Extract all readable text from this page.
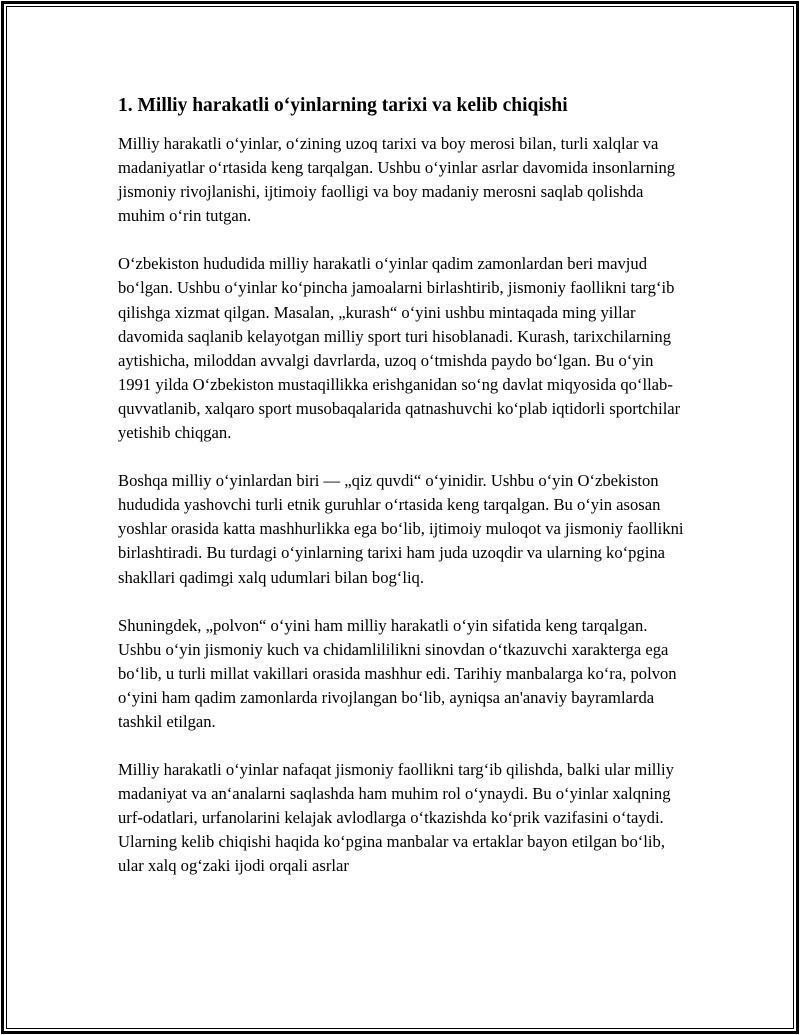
1. Milliy harakatli o‘yinlarning tarixi va kelib chiqishi

Milliy harakatli o‘yinlar, o‘zining uzoq tarixi va boy merosi bilan, turli xalqlar va madaniyatlar o‘rtasida keng tarqalgan. Ushbu o‘yinlar asrlar davomida insonlarning jismoniy rivojlanishi, ijtimoiy faolligi va boy madaniy merosni saqlab qolishda muhim o‘rin tutgan.

O‘zbekiston hududida milliy harakatli o‘yinlar qadim zamonlardan beri mavjud bo‘lgan. Ushbu o‘yinlar ko‘pincha jamoalarni birlashtirib, jismoniy faollikni targ‘ib qilishga xizmat qilgan. Masalan, „kurash“ o‘yini ushbu mintaqada ming yillar davomida saqlanib kelayotgan milliy sport turi hisoblanadi. Kurash, tarixchilarning aytishicha, miloddan avvalgi davrlarda, uzoq o‘tmishda paydo bo‘lgan. Bu o‘yin 1991 yilda O‘zbekiston mustaqillikka erishganidan so‘ng davlat miqyosida qo‘llab-quvvatlanib, xalqaro sport musobaqalarida qatnashuvchi ko‘plab iqtidorli sportchilar yetishib chiqgan.

Boshqa milliy o‘yinlardan biri — „qiz quvdi“ o‘yinidir. Ushbu o‘yin O‘zbekiston hududida yashovchi turli etnik guruhlar o‘rtasida keng tarqalgan. Bu o‘yin asosan yoshlar orasida katta mashhurlikka ega bo‘lib, ijtimoiy muloqot va jismoniy faollikni birlashtiradi. Bu turdagi o‘yinlarning tarixi ham juda uzoqdir va ularning ko‘pgina shakllari qadimgi xalq udumlari bilan bog‘liq.

Shuningdek, „polvon“ o‘yini ham milliy harakatli o‘yin sifatida keng tarqalgan. Ushbu o‘yin jismoniy kuch va chidamlililikni sinovdan o‘tkazuvchi xarakterga ega bo‘lib, u turli millat vakillari orasida mashhur edi. Tarihiy manbalarga ko‘ra, polvon o‘yini ham qadim zamonlarda rivojlangan bo‘lib, ayniqsa an'anaviy bayramlarda tashkil etilgan.

Milliy harakatli o‘yinlar nafaqat jismoniy faollikni targ‘ib qilishda, balki ular milliy madaniyat va an‘analarni saqlashda ham muhim rol o‘ynaydi. Bu o‘yinlar xalqning urf-odatlari, urfanolarini kelajak avlodlarga o‘tkazishda ko‘prik vazifasini o‘taydi. Ularning kelib chiqishi haqida ko‘pgina manbalar va ertaklar bayon etilgan bo‘lib, ular xalq og‘zaki ijodi orqali asrlar
